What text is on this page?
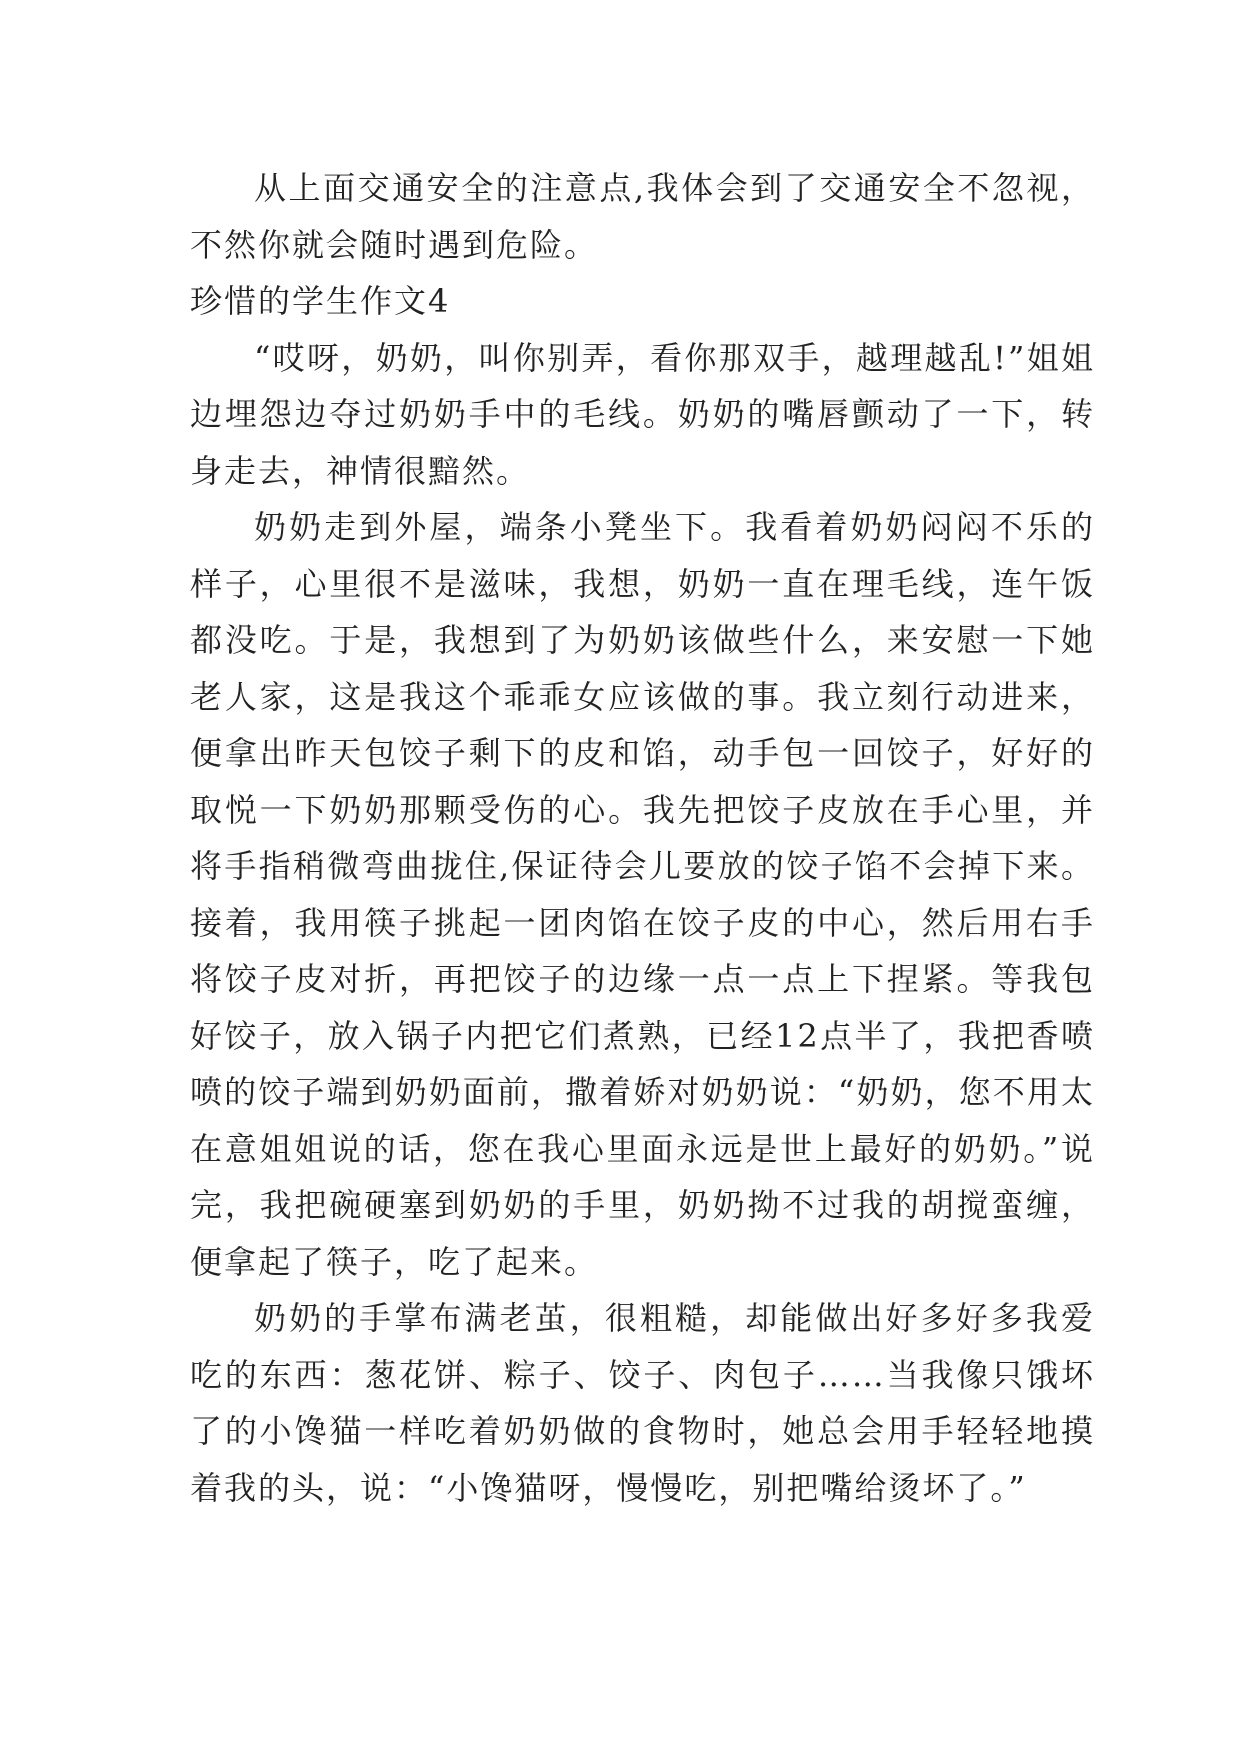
从上面交通安全的注意点,我体会到了交通安全不忽视，不然你就会随时遇到危险。

珍惜的学生作文4

“哎呀，奶奶，叫你别弄，看你那双手，越理越乱!”姐姐边埋怨边夺过奶奶手中的毛线。奶奶的嘴唇颤动了一下，转身走去，神情很黯然。

奶奶走到外屋，端条小凳坐下。我看着奶奶闷闷不乐的样子，心里很不是滋味，我想，奶奶一直在理毛线，连午饭都没吃。于是，我想到了为奶奶该做些什么，来安慰一下她老人家，这是我这个乖乖女应该做的事。我立刻行动进来，便拿出昨天包饺子剩下的皮和馅，动手包一回饺子，好好的取悦一下奶奶那颗受伤的心。我先把饺子皮放在手心里，并将手指稍微弯曲拢住,保证待会儿要放的饺子馅不会掉下来。接着，我用筷子挑起一团肉馅在饺子皮的中心，然后用右手将饺子皮对折，再把饺子的边缘一点一点上下捏紧。等我包好饺子，放入锅子内把它们煮熟，已经12点半了，我把香喷喷的饺子端到奶奶面前，撒着娇对奶奶说：“奶奶，您不用太在意姐姐说的话，您在我心里面永远是世上最好的奶奶。”说完，我把碗硬塞到奶奶的手里，奶奶拗不过我的胡搅蛮缠，便拿起了筷子，吃了起来。

奶奶的手掌布满老茧，很粗糙，却能做出好多好多我爱吃的东西：葱花饼、粽子、饺子、肉包子……当我像只饿坏了的小馋猫一样吃着奶奶做的食物时，她总会用手轻轻地摸着我的头，说：“小馋猫呀，慢慢吃，别把嘴给烫坏了。”
